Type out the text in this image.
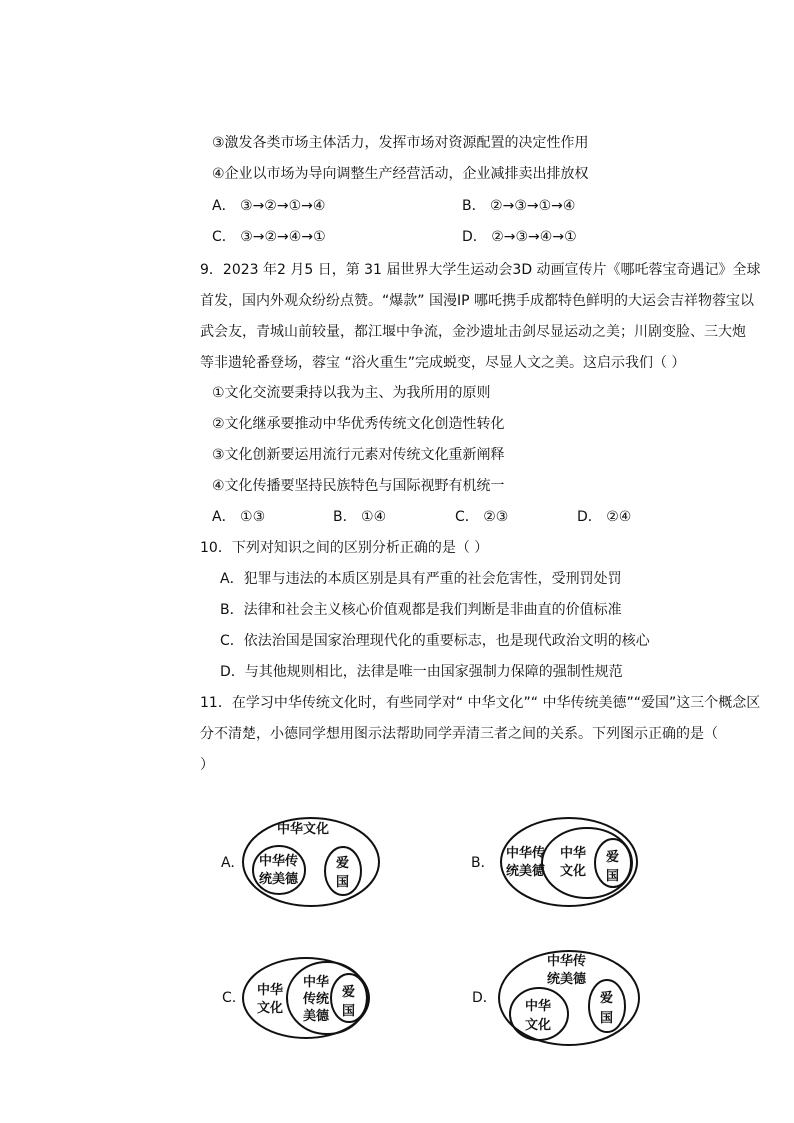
③激发各类市场主体活力，发挥市场对资源配置的决定性作用
④企业以市场为导向调整生产经营活动，企业减排卖出排放权
A． ③→②→①→④	B． ②→③→①→④
C． ③→②→④→①	D． ②→③→④→①
9．2023 年2 月5 日，第 31 届世界大学生运动会3D 动画宣传片《哪吒蓉宝奇遇记》全球
首发，国内外观众纷纷点赞。“爆款” 国漫IP 哪吒携手成都特色鲜明的大运会吉祥物蓉宝以
武会友，青城山前较量，都江堰中争流，金沙遗址击剑尽显运动之美；川剧变脸、三大炮
等非遗轮番登场，蓉宝 “浴火重生”完成蜕变，尽显人文之美。这启示我们（ ）
①文化交流要秉持以我为主、为我所用的原则
②文化继承要推动中华优秀传统文化创造性转化
③文化创新要运用流行元素对传统文化重新阐释
④文化传播要坚持民族特色与国际视野有机统一
A． ①③	B． ①④	C． ②③	D． ②④
10．下列对知识之间的区别分析正确的是（ ）
A．犯罪与违法的本质区别是具有严重的社会危害性，受刑罚处罚
B．法律和社会主义核心价值观都是我们判断是非曲直的价值标准
C．依法治国是国家治理现代化的重要标志，也是现代政治文明的核心
D．与其他规则相比，法律是唯一由国家强制力保障的强制性规范
11．在学习中华传统文化时，有些同学对“ 中华文化”“ 中华传统美德”“爱国”这三个概念区
分不清楚，小德同学想用图示法帮助同学弄清三者之间的关系。下列图示正确的是（
）
A.
中华文化
中华传
统美德
爱
国
B．
中华传
统美德
中华
文化
爱
国
C. 中华
文化
中华
传统
美德
爱
国
D．
中华传
统美德
中华
文化
爱
国
